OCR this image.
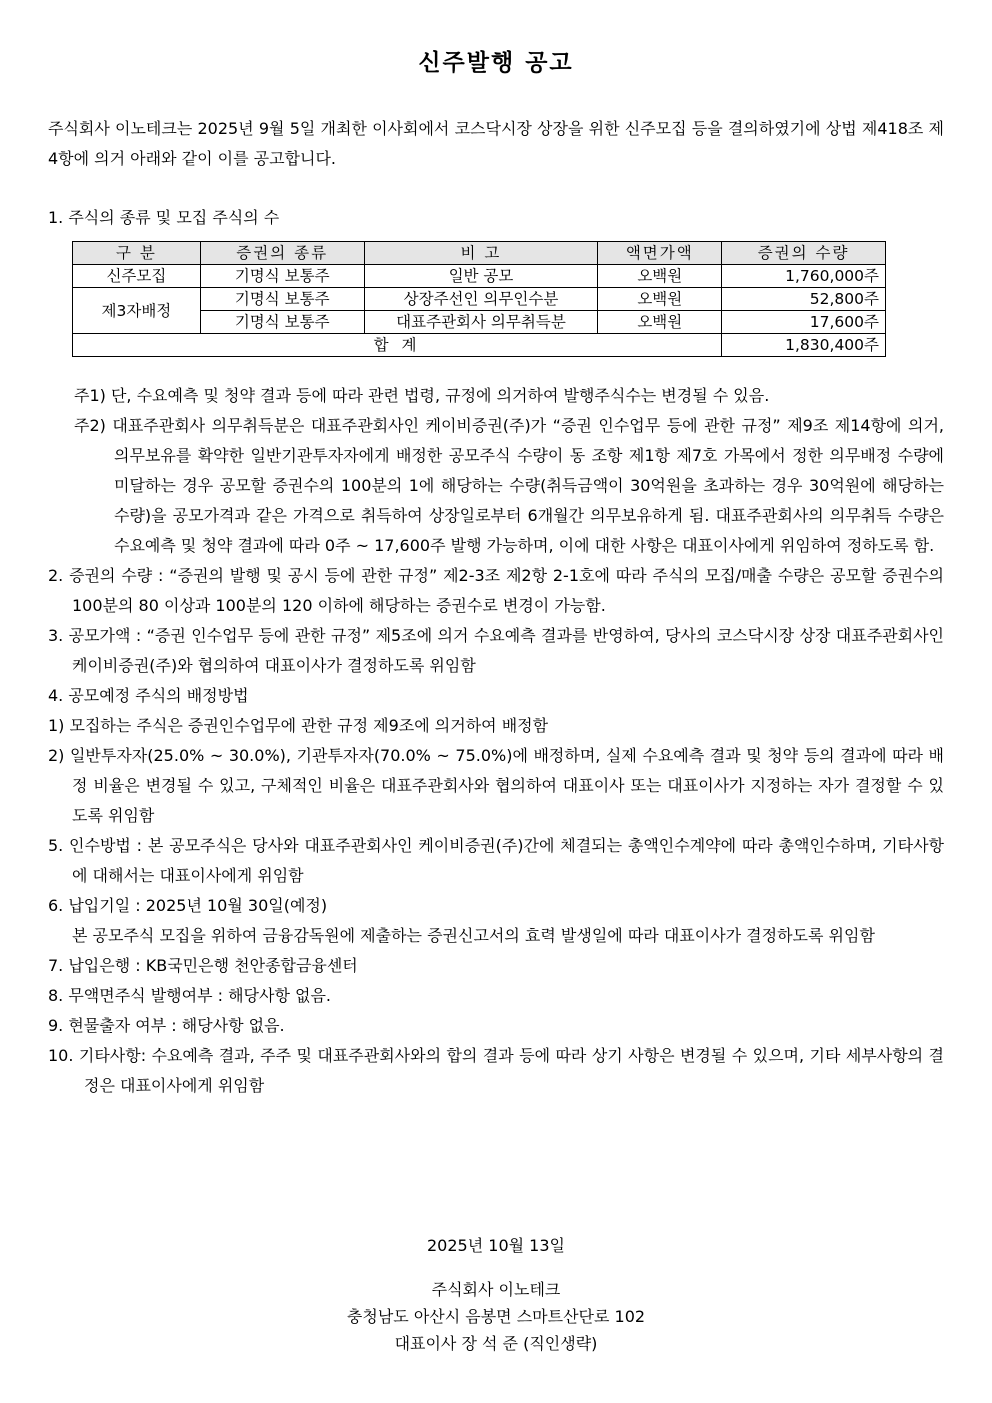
신주발행 공고
주식회사 이노테크는 2025년 9월 5일 개최한 이사회에서 코스닥시장 상장을 위한 신주모집 등을 결의하였기에 상법 제418조 제4항에 의거 아래와 같이 이를 공고합니다.
1. 주식의 종류 및 모집 주식의 수
구 분	증권의 종류	비 고	액면가액	증권의 수량
신주모집	기명식 보통주	일반 공모	오백원	1,760,000주
제3자배정	기명식 보통주	상장주선인 의무인수분	오백원	52,800주
	기명식 보통주	대표주관회사 의무취득분	오백원	17,600주
합 계				1,830,400주

주1) 단, 수요예측 및 청약 결과 등에 따라 관련 법령, 규정에 의거하여 발행주식수는 변경될 수 있음.

주2) 대표주관회사 의무취득분은 대표주관회사인 케이비증권(주)가 “증권 인수업무 등에 관한 규정” 제9조 제14항에 의거, 의무보유를 확약한 일반기관투자자에게 배정한 공모주식 수량이 동 조항 제1항 제7호 가목에서 정한 의무배정 수량에 미달하는 경우 공모할 증권수의 100분의 1에 해당하는 수량(취득금액이 30억원을 초과하는 경우 30억원에 해당하는 수량)을 공모가격과 같은 가격으로 취득하여 상장일로부터 6개월간 의무보유하게 됨. 대표주관회사의 의무취득 수량은 수요예측 및 청약 결과에 따라 0주 ~ 17,600주 발행 가능하며, 이에 대한 사항은 대표이사에게 위임하여 정하도록 함.

2. 증권의 수량 : “증권의 발행 및 공시 등에 관한 규정” 제2-3조 제2항 2-1호에 따라 주식의 모집/매출 수량은 공모할 증권수의 100분의 80 이상과 100분의 120 이하에 해당하는 증권수로 변경이 가능함.

3. 공모가액 : “증권 인수업무 등에 관한 규정” 제5조에 의거 수요예측 결과를 반영하여, 당사의 코스닥시장 상장 대표주관회사인 케이비증권(주)와 협의하여 대표이사가 결정하도록 위임함

4. 공모예정 주식의 배정방법

1) 모집하는 주식은 증권인수업무에 관한 규정 제9조에 의거하여 배정함

2) 일반투자자(25.0% ~ 30.0%), 기관투자자(70.0% ~ 75.0%)에 배정하며, 실제 수요예측 결과 및 청약 등의 결과에 따라 배정 비율은 변경될 수 있고, 구체적인 비율은 대표주관회사와 협의하여 대표이사 또는 대표이사가 지정하는 자가 결정할 수 있도록 위임함

5. 인수방법 : 본 공모주식은 당사와 대표주관회사인 케이비증권(주)간에 체결되는 총액인수계약에 따라 총액인수하며, 기타사항에 대해서는 대표이사에게 위임함

6. 납입기일 : 2025년 10월 30일(예정)

본 공모주식 모집을 위하여 금융감독원에 제출하는 증권신고서의 효력 발생일에 따라 대표이사가 결정하도록 위임함

7. 납입은행 : KB국민은행 천안종합금융센터

8. 무액면주식 발행여부 : 해당사항 없음.

9. 현물출자 여부 : 해당사항 없음.

10. 기타사항: 수요예측 결과, 주주 및 대표주관회사와의 합의 결과 등에 따라 상기 사항은 변경될 수 있으며, 기타 세부사항의 결정은 대표이사에게 위임함

2025년 10월 13일
주식회사 이노테크
충청남도 아산시 음봉면 스마트산단로 102
대표이사 장 석 준 (직인생략)
